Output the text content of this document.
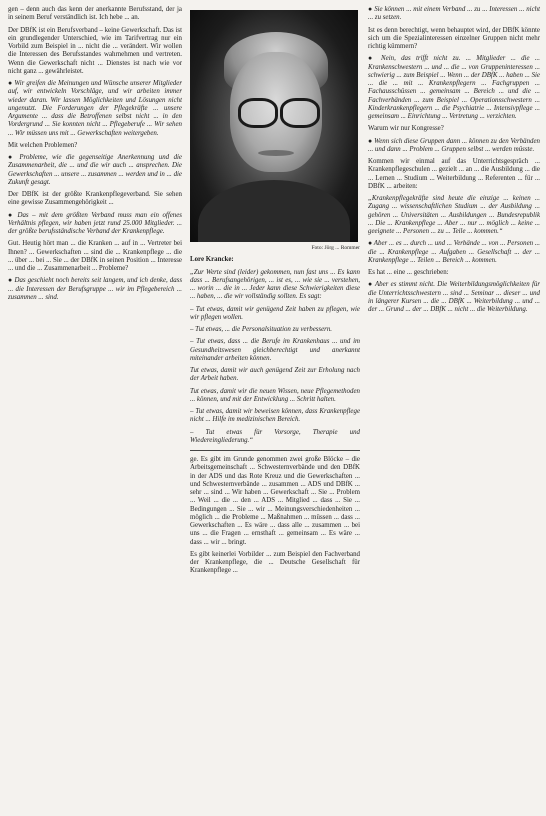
gen – denn auch das kenn der anerkannte Berufsstand, der ja in seinem Beruf verständlich ist. Ich hebe ... an.

Der DBfK ist ein Berufsverband – keine Gewerkschaft. Das ist ein grundlegender Unterschied, wie im Tarifvertrag nur ein Vorbild zum Beispiel in ... nicht die ... verändert. Wir wollen die Interessen des Berufsstandes wahrnehmen und vertreten. Wenn die Gewerkschaft nicht ... Dienstes ist nach wie vor nicht ganz ... gewährleistet.

● Wir greifen die Meinungen und Wünsche unserer Mitglieder auf, wir entwickeln Vorschläge, und wir arbeiten immer wieder daran. Wir lassen Möglichkeiten und Lösungen nicht ungenutzt. Die Forderungen der Pflegekräfte ... unsere Argumente ... dass die Betroffenen selbst nicht ... in den Vordergrund ... Sie konnten nicht ... Pflegeberufe ... Wir sehen ... Wir müssen uns mit ... Gewerkschaften weitergeben.

Mit welchen Problemen?

● Probleme, wie die gegenseitige Anerkennung und die Zusammenarbeit, die ... und die wir auch ... ansprechen. Die Gewerkschaften ... unsere ... zusammen ... werden und in ... die Zukunft gesagt.

Der DBfK ist der größte Krankenpflegeverband. Sie sehen eine gewisse Zusammengehörigkeit ...

● Das – mit dem größten Verband muss man ein offenes Verhältnis pflegen, wir haben jetzt rund 25.000 Mitglieder. ... der größte berufsständische Verband der Krankenpflege.

Gut. Heutig hört man ... die Kranken ... auf in ... Vertreter bei Ihnen? ... Gewerkschaften ... sind die ... Krankenpflege ... die ... über ... bei ... Sie ... der DBfK in seinen Position ... Interesse ... und die ... Zusammenarbeit ... Probleme?

● Das geschieht noch bereits seit langem, und ich denke, dass ... die Interessen der Berufsgruppe ... wir im Pflegebereich ... zusammen ... sind.

Foto: Jörg ... Rommer

Lore Krancke:

„Zur Werte sind (leider) gekommen, nun fast uns ... Es kann dass ... Berufsangehörigen, ... ist es, ... wie sie ... verstehen, ... worin ... die in ... Jeder kann diese Schwierigkeiten diese ... haben, ... die wir vollständig sollten. Es sagt:

– Tut etwas, damit wir genügend Zeit haben zu pflegen, wie wir pflegen wollen.

– Tut etwas, ... die Personalsituation zu verbessern.

– Tut etwas, dass ... die Berufe im Krankenhaus ... und im Gesundheitswesen gleichberechtigt und anerkannt miteinander arbeiten können.

Tut etwas, damit wir auch genügend Zeit zur Erholung nach der Arbeit haben.

Tut etwas, damit wir die neuen Wissen, neue Pflegemethoden ... können, und mit der Entwicklung ... Schritt halten.

– Tut etwas, damit wir beweisen können, dass Krankenpflege nicht ... Hilfe im medizinischen Bereich.

– Tut etwas für Vorsorge, Therapie und Wiedereingliederung.“

ge. Es gibt im Grunde genommen zwei große Blöcke – die Arbeitsgemeinschaft ... Schwesternverbände und den DBfK in der ADS und das Rote Kreuz und die Gewerkschaften ... und Schwesternverbände ... zusammen ... ADS und DBfK ... sehr ... sind ... Wir haben ... Gewerkschaft ... Sie ... Problem ... Weil ... die ... den ... ADS ... Mitglied ... dass ... Sie ... Bedingungen ... Sie ... wir ... Meinungsverschiedenheiten ... möglich ... die Probleme ... Maßnahmen ... müssen ... dass ... Gewerkschaften ... Es wäre ... dass alle ... zusammen ... bei uns ... die Fragen ... ernsthaft ... gemeinsam ... Es wäre ... dass ... wir ... bringt.

Es gibt keinerlei Vorbilder ... zum Beispiel den Fachverband der Krankenpflege, die ... Deutsche Gesellschaft für Krankenpflege ...

● Sie können ... mit einem Verband ... zu ... Interessen ... nicht ... zu setzen.

Ist es denn berechtigt, wenn behauptet wird, der DBfK könnte sich um die Spezialinteressen einzelner Gruppen nicht mehr richtig kümmern?

● Nein, das trifft nicht zu. ... Mitglieder ... die ... Krankenschwestern ... und ... die ... von Gruppeninteressen ... schwierig ... zum Beispiel ... Wenn ... der DBfK ... haben ... Sie ... die ... mit ... Krankenpflegern ... Fachgruppen ... Fachausschüssen ... gemeinsam ... Bereich ... und die ... Fachverbänden ... zum Beispiel ... Operationsschwestern ... Kinderkrankenpflegern ... die Psychiatrie ... Intensivpflege ... gemeinsam ... Einrichtung ... Vertretung ... verzichten.

Warum wir nur Kongresse?

● Wenn sich diese Gruppen dann ... können zu den Verbänden ... und dann ... Problem ... Gruppen selbst ... werden müsste.

Kommen wir einmal auf das Unterrichtsgespräch ... Krankenpflegeschulen ... gezielt ... an ... die Ausbildung ... die ... Lernen ... Studium ... Weiterbildung ... Referenten ... für ... DBfK ... arbeiten:

„Krankenpflegekräfte sind heute die einzige ... keinen ... Zugang ... wissenschaftlichen Studium ... der Ausbildung ... gehören ... Universitäten ... Ausbildungen ... Bundesrepublik ... Die ... Krankenpflege ... Aber ... nur ... möglich ... keine ... geeignete ... Personen ... zu ... Teile ... kommen.“

● Aber ... es ... durch ... und ... Verbände ... von ... Personen ... die ... Krankenpflege ... Aufgaben ... Gesellschaft ... der ... Krankenpflege ... Teilen ... Bereich ... kommen.

Es hat ... eine ... geschrieben:

● Aber es stimmt nicht. Die Weiterbildungsmöglichkeiten für die Unterrichtsschwestern ... sind ... Seminar ... dieser ... und in längerer Kursen ... die ... DBfK ... Weiterbildung ... und ... der ... Grund ... der ... DBfK ... nicht ... die Weiterbildung.
